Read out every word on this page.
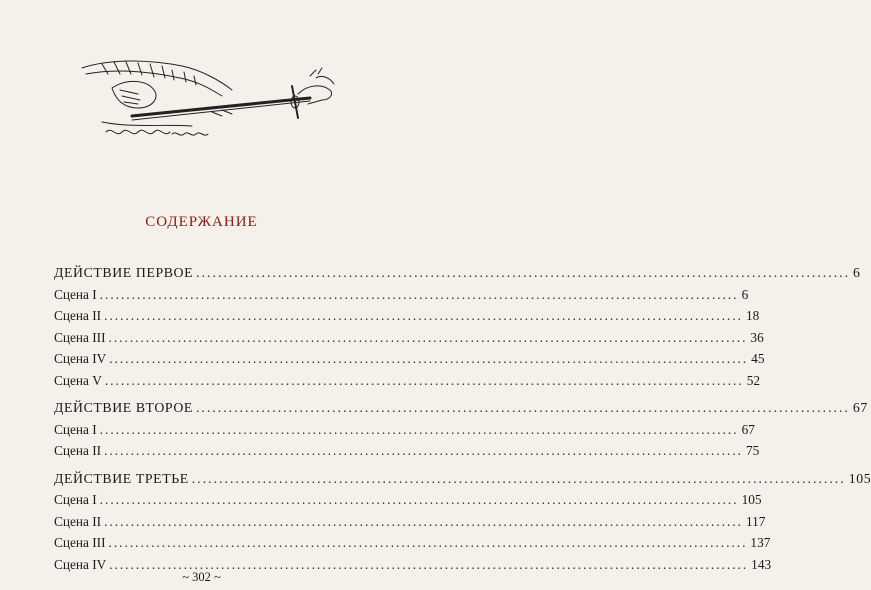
СОДЕРЖАНИЕ
ДЕЙСТВИЕ ПЕРВОЕ ........................................................................................................................ 6
Сцена I ........................................................................................................................ 6
Сцена II ........................................................................................................................ 18
Сцена III ........................................................................................................................ 36
Сцена IV ........................................................................................................................ 45
Сцена V ........................................................................................................................ 52
ДЕЙСТВИЕ ВТОРОЕ ........................................................................................................................ 67
Сцена I ........................................................................................................................ 67
Сцена II ........................................................................................................................ 75
ДЕЙСТВИЕ ТРЕТЬЕ ........................................................................................................................ 105
Сцена I ........................................................................................................................ 105
Сцена II ........................................................................................................................ 117
Сцена III ........................................................................................................................ 137
Сцена IV ........................................................................................................................ 143
~ 302 ~
